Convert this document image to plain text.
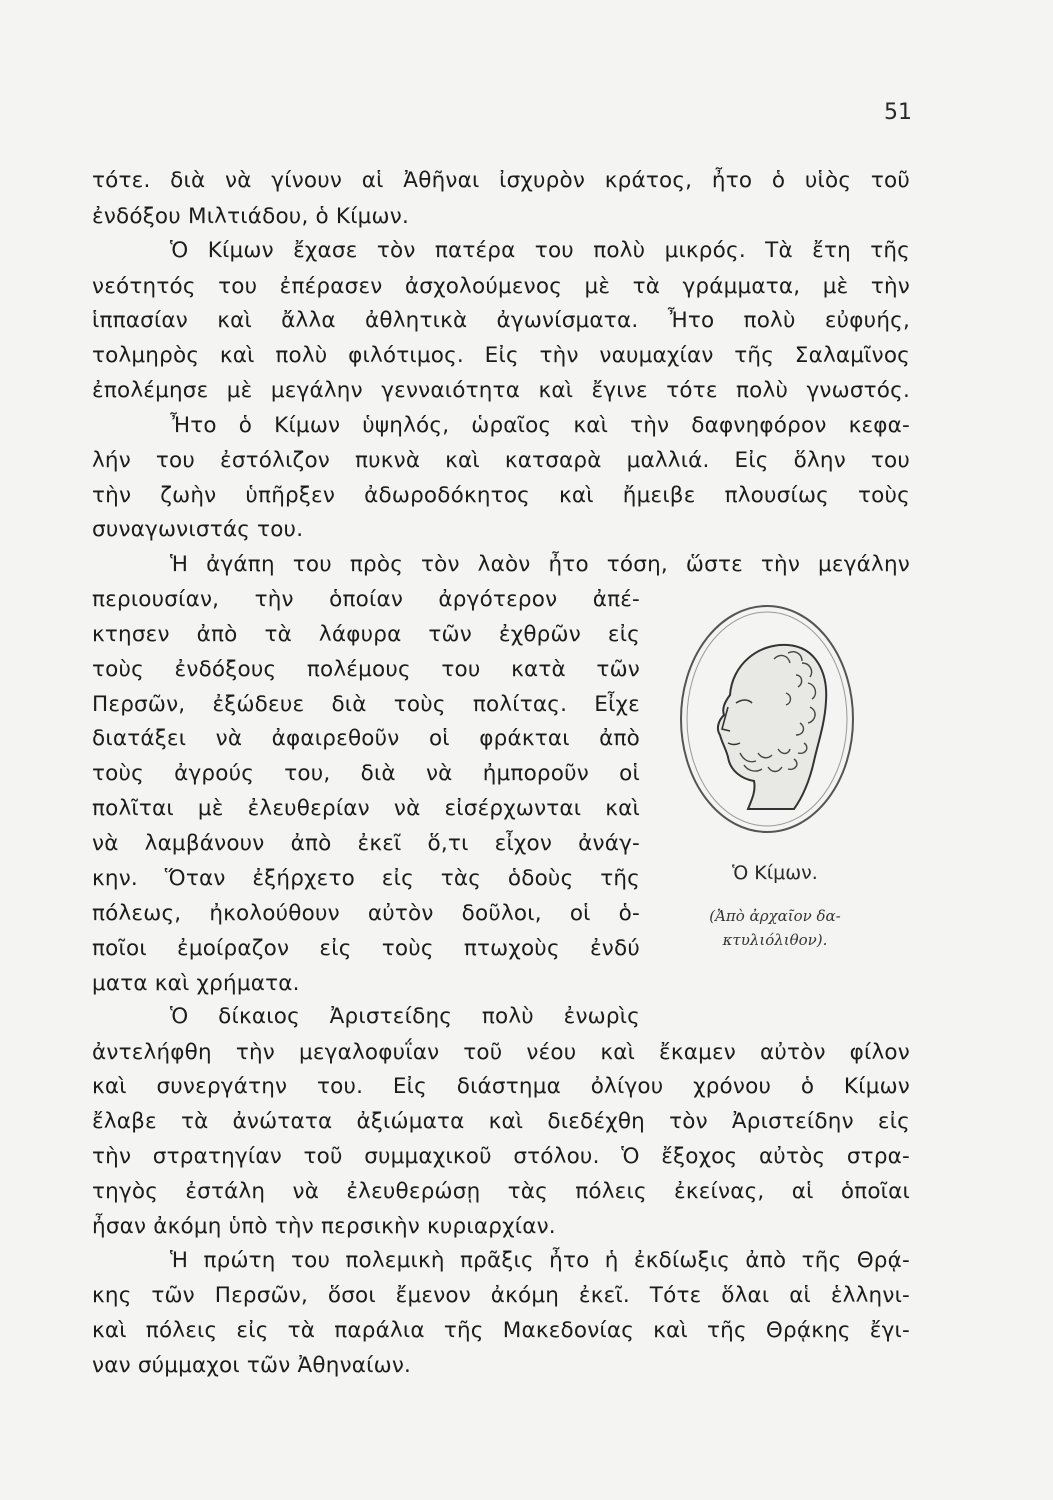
51
τότε. διὰ νὰ γίνουν αἱ Ἀθῆναι ἰσχυρὸν κράτος, ἦτο ὁ υἱὸς τοῦ
ἐνδόξου Μιλτιάδου, ὁ Κίμων.
Ὁ Κίμων ἔχασε τὸν πατέρα του πολὺ μικρός. Τὰ ἔτη τῆς
νεότητός του ἐπέρασεν ἀσχολούμενος μὲ τὰ γράμματα, μὲ τὴν
ἱππασίαν καὶ ἄλλα ἀθλητικὰ ἀγωνίσματα. Ἦτο πολὺ εὐφυής,
τολμηρὸς καὶ πολὺ φιλότιμος. Εἰς τὴν ναυμαχίαν τῆς Σαλαμῖνος
ἐπολέμησε μὲ μεγάλην γενναιότητα καὶ ἔγινε τότε πολὺ γνωστός.
Ἦτο ὁ Κίμων ὑψηλός, ὡραῖος καὶ τὴν δαφνηφόρον κεφα-
λήν του ἐστόλιζον πυκνὰ καὶ κατσαρὰ μαλλιά. Εἰς ὅλην του
τὴν ζωὴν ὑπῆρξεν ἀδωροδόκητος καὶ ἤμειβε πλουσίως τοὺς
συναγωνιστάς του.
Ἡ ἀγάπη του πρὸς τὸν λαὸν ἦτο τόση, ὥστε τὴν μεγάλην
περιουσίαν, τὴν ὁποίαν ἀργότερον ἀπέ-
κτησεν ἀπὸ τὰ λάφυρα τῶν ἐχθρῶν εἰς
τοὺς ἐνδόξους πολέμους του κατὰ τῶν
Περσῶν, ἐξώδευε διὰ τοὺς πολίτας. Εἶχε
διατάξει νὰ ἀφαιρεθοῦν οἱ φράκται ἀπὸ
τοὺς ἀγρούς του, διὰ νὰ ἠμποροῦν οἱ
πολῖται μὲ ἐλευθερίαν νὰ εἰσέρχωνται καὶ
νὰ λαμβάνουν ἀπὸ ἐκεῖ ὅ,τι εἶχον ἀνάγ-
κην. Ὅταν ἐξήρχετο εἰς τὰς ὁδοὺς τῆς
πόλεως, ἠκολούθουν αὐτὸν δοῦλοι, οἱ ὁ-
ποῖοι ἐμοίραζον εἰς τοὺς πτωχοὺς ἐνδύ
ματα καὶ χρήματα.
Ὁ δίκαιος Ἀριστείδης πολὺ ἐνωρὶς
ἀντελήφθη τὴν μεγαλοφυΐαν τοῦ νέου καὶ ἔκαμεν αὐτὸν φίλον
καὶ συνεργάτην του. Εἰς διάστημα ὀλίγου χρόνου ὁ Κίμων
ἔλαβε τὰ ἀνώτατα ἀξιώματα καὶ διεδέχθη τὸν Ἀριστείδην εἰς
τὴν στρατηγίαν τοῦ συμμαχικοῦ στόλου. Ὁ ἔξοχος αὐτὸς στρα-
τηγὸς ἐστάλη νὰ ἐλευθερώσῃ τὰς πόλεις ἐκείνας, αἱ ὁποῖαι
ἦσαν ἀκόμη ὑπὸ τὴν περσικὴν κυριαρχίαν.
Ἡ πρώτη του πολεμικὴ πρᾶξις ἦτο ἡ ἐκδίωξις ἀπὸ τῆς Θρᾴ-
κης τῶν Περσῶν, ὅσοι ἔμενον ἀκόμη ἐκεῖ. Τότε ὅλαι αἱ ἑλληνι-
καὶ πόλεις εἰς τὰ παράλια τῆς Μακεδονίας καὶ τῆς Θρᾴκης ἔγι-
ναν σύμμαχοι τῶν Ἀθηναίων.
Ὁ Κίμων.
(Ἀπὸ ἀρχαῖον δα-κτυλιόλιθον).
